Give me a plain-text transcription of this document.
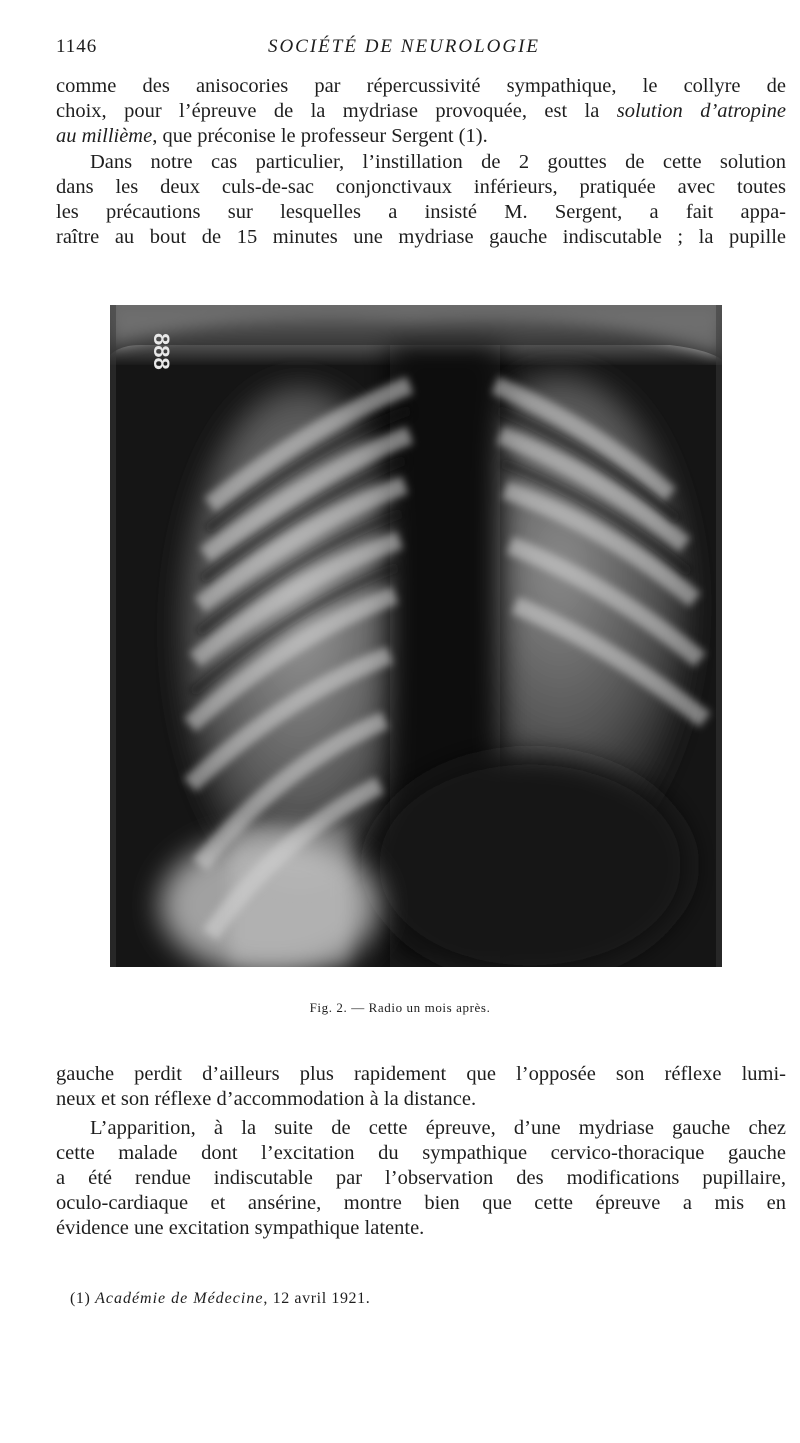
1146	SOCIÉTÉ DE NEUROLOGIE

comme des anisocories par répercussivité sympathique, le collyre de
choix, pour l’épreuve de la mydriase provoquée, est la solution d’atropine
au millième, que préconise le professeur Sergent (1).

Dans notre cas particulier, l’instillation de 2 gouttes de cette solution
dans les deux culs-de-sac conjonctivaux inférieurs, pratiquée avec toutes
les précautions sur lesquelles a insisté M. Sergent, a fait appa-
raître au bout de 15 minutes une mydriase gauche indiscutable ; la pupille

888
Fig. 2. — Radio un mois après.

gauche perdit d’ailleurs plus rapidement que l’opposée son réflexe lumi-
neux et son réflexe d’accommodation à la distance.

L’apparition, à la suite de cette épreuve, d’une mydriase gauche chez
cette malade dont l’excitation du sympathique cervico-thoracique gauche
a été rendue indiscutable par l’observation des modifications pupillaire,
oculo-cardiaque et ansérine, montre bien que cette épreuve a mis en
évidence une excitation sympathique latente.

(1) Académie de Médecine, 12 avril 1921.
